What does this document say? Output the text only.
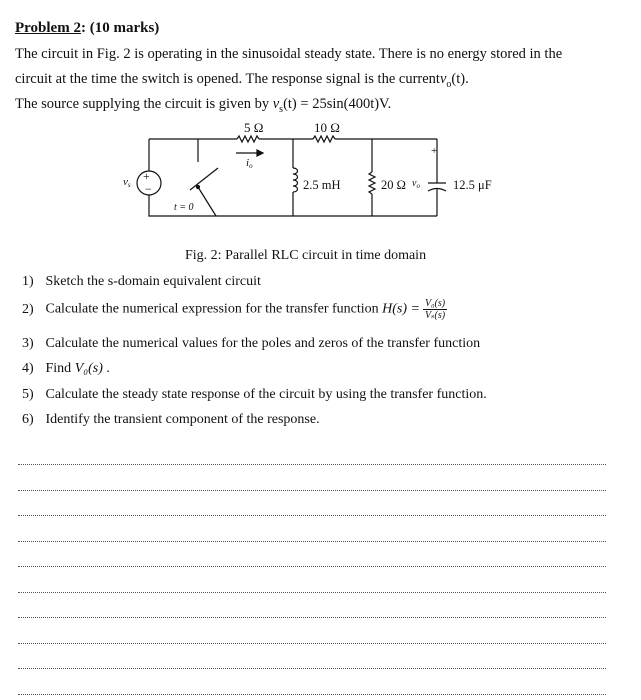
Problem 2: (10 marks)
The circuit in Fig. 2 is operating in the sinusoidal steady state. There is no energy stored in the
circuit at the time the switch is opened. The response signal is the currentv$_o$(t).
The source supplying the circuit is given by $v_s(t) = 25\sin(400t)V$.
5 Ω	10 Ω
io
vs
+
−
t = 0
2.5 mH	20 Ω $v_o$
+
12.5 μF
Fig. 2: Parallel RLC circuit in time domain
1) Sketch the s-domain equivalent circuit
2) Calculate the numerical expression for the transfer function $H(s) = \frac{\text{V₀(s)}}{\text{Vₛ(s)}}$
3) Calculate the numerical values for the poles and zeros of the transfer function
4) Find V₀(s) .
5) Calculate the steady state response of the circuit by using the transfer function.
6) Identify the transient component of the response.
